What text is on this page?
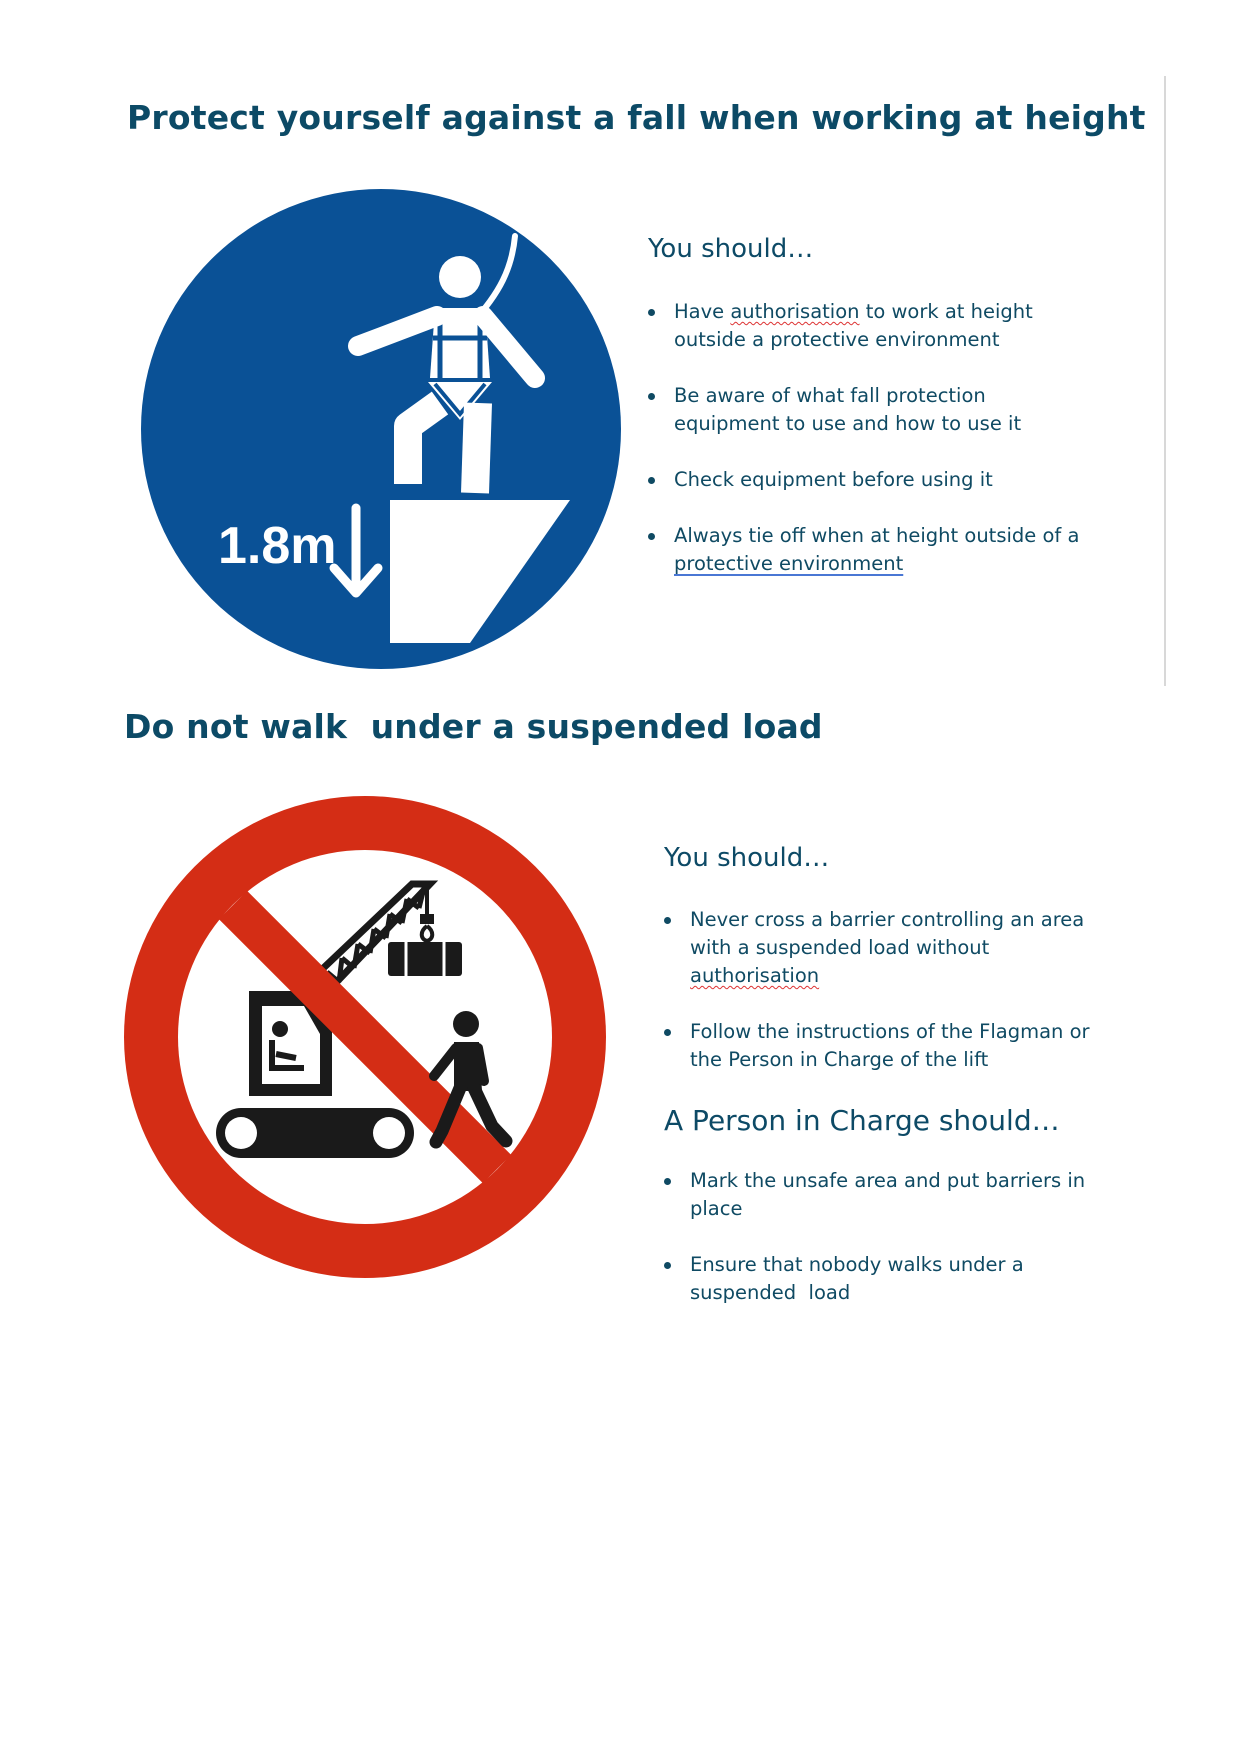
Protect yourself against a fall when working at height
1.8m
You should…
Have authorisation to work at height
outside a protective environment
Be aware of what fall protection
equipment to use and how to use it
Check equipment before using it
Always tie off when at height outside of a
protective environment
Do not walk  under a suspended load
You should…
Never cross a barrier controlling an area
with a suspended load without
authorisation
Follow the instructions of the Flagman or
the Person in Charge of the lift
A Person in Charge should…
Mark the unsafe area and put barriers in
place
Ensure that nobody walks under a
suspended  load
